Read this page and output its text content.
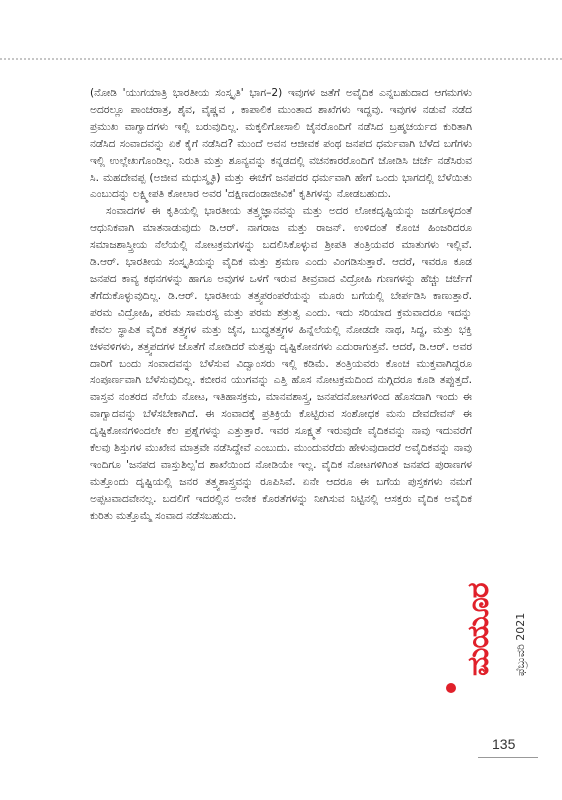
(ನೋಡಿ 'ಯುಗಯಾತ್ರಿ ಭಾರತೀಯ ಸಂಸ್ಕೃತಿ' ಭಾಗ–2) ಇವುಗಳ ಜತೆಗೆ ಅವೈದಿಕ ಎನ್ನಬಹುದಾದ ಆಗಮಗಳು ಅದರಲ್ಲೂ ಪಾಂಚರಾತ್ರ, ಶೈವ, ವೈಷ್ಣವ , ಕಾಪಾಲಿಕ ಮುಂತಾದ ಶಾಖೆಗಳು ಇದ್ದವು. ಇವುಗಳ ನಡುವೆ ನಡೆದ ಪ್ರಮುಖ ವಾಗ್ವಾದಗಳು ಇಲ್ಲಿ ಬರುವುದಿಲ್ಲ. ಮಕ್ಕಲಿಗೋಸಾಲಿ ಜೈನರೊಂದಿಗೆ ನಡೆಸಿದ ಬ್ರಹ್ಮಚರ್ಯದ ಕುರಿತಾಗಿ ನಡೆಸಿದ ಸಂವಾದವನ್ನು ಏಕೆ ಕೈಗೆ ನಡೆಸಿದ? ಮುಂದೆ ಅವನ ಆಜೀವಕ ಪಂಥ ಜನಪದ ಧರ್ಮವಾಗಿ ಬೆಳೆದ ಬಗೆಗಳು ಇಲ್ಲಿ ಉಲ್ಲೇಖಗೊಂಡಿಲ್ಲ. ನಿರುತಿ ಮತ್ತು ಶೂನ್ಯವನ್ನು ಕನ್ನಡದಲ್ಲಿ ವಚನಕಾರರೊಂದಿಗೆ ಜೋಡಿಸಿ ಚರ್ಚೆ ನಡೆಸಿರುವ ಸಿ. ಮಹದೇವಪ್ಪ (ಅಜೀವ ಮಧುಸ್ಮೃತಿ) ಮತ್ತು ಈಚೆಗೆ ಜನಪದರ ಧರ್ಮವಾಗಿ ಹೇಗೆ ಒಂದು ಭಾಗದಲ್ಲಿ ಬೆಳೆಯಿತು ಎಂಬುದನ್ನು ಲಕ್ಷ್ಮೀಪತಿ ಕೋಲಾರ ಅವರ 'ದಕ್ಷಿಣದಂಡಾಜೀವಿಕ' ಕೃತಿಗಳನ್ನು ನೋಡಬಹುದು.

ಸಂವಾದಗಳ ಈ ಕೃತಿಯಲ್ಲಿ ಭಾರತೀಯ ತತ್ತ್ವಜ್ಞಾನವನ್ನು ಮತ್ತು ಅದರ ಲೋಕದೃಷ್ಟಿಯನ್ನು ಜಡಗೊಳ್ಳದಂತೆ ಆಧುನಿಕವಾಗಿ ಮಾತನಾಡುವುದು ಡಿ.ಆರ್. ನಾಗರಾಜ ಮತ್ತು ರಾಜನ್. ಉಳಿದಂತೆ ಕೊಂಚ ಹಿಂಜರಿದರೂ ಸಮಾಜಶಾಸ್ತ್ರೀಯ ನೆಲೆಯಲ್ಲಿ ನೋಟಕ್ರಮಗಳನ್ನು ಬದಲಿಸಿಕೊಳ್ಳುವ ಶ್ರೀಪತಿ ತಂತ್ರಿಯವರ ಮಾತುಗಳು ಇಲ್ಲಿವೆ. ಡಿ.ಆರ್. ಭಾರತೀಯ ಸಂಸ್ಕೃತಿಯನ್ನು ವೈದಿಕ ಮತ್ತು ಶ್ರಮಣ ಎಂದು ವಿಂಗಡಿಸುತ್ತಾರೆ. ಆದರೆ, ಇವರೂ ಕೂಡ ಜನಪದ ಕಾವ್ಯ ಕಥನಗಳನ್ನು ಹಾಗೂ ಅವುಗಳ ಒಳಗೆ ಇರುವ ತೀವ್ರವಾದ ವಿದ್ರೋಹಿ ಗುಣಗಳನ್ನು ಹೆಚ್ಚು ಚರ್ಚೆಗೆ ತೆಗೆದುಕೊಳ್ಳುವುದಿಲ್ಲ. ಡಿ.ಆರ್. ಭಾರತೀಯ ತತ್ತ್ವಪರಂಪರೆಯನ್ನು ಮೂರು ಬಗೆಯಲ್ಲಿ ಬೇರ್ಪಡಿಸಿ ಕಾಣುತ್ತಾರೆ. ಪರಮ ವಿದ್ರೋಹಿ, ಪರಮ ಸಾಮರಸ್ಯ ಮತ್ತು ಪರಮ ಶತ್ರುತ್ವ ಎಂದು. ಇದು ಸರಿಯಾದ ಕ್ರಮವಾದರೂ ಇದನ್ನು ಕೇವಲ ಸ್ಥಾಪಿತ ವೈದಿಕ ತತ್ತ್ವಗಳ ಮತ್ತು ಜೈನ, ಬುದ್ಧತತ್ತ್ವಗಳ ಹಿನ್ನೆಲೆಯಲ್ಲಿ ನೋಡದೇ ನಾಥ, ಸಿದ್ಧ, ಮತ್ತು ಭಕ್ತಿ ಚಳವಳಿಗಳು, ತತ್ತ್ವಪದಗಳ ಜೊತೆಗೆ ನೋಡಿದರೆ ಮತ್ತಷ್ಟು ದೃಷ್ಟಿಕೋನಗಳು ಎದುರಾಗುತ್ತವೆ. ಆದರೆ, ಡಿ.ಆರ್. ಅವರ ದಾರಿಗೆ ಬಂದು ಸಂವಾದವನ್ನು ಬೆಳೆಸುವ ವಿದ್ವಾಂಸರು ಇಲ್ಲಿ ಕಡಿಮೆ. ತಂತ್ರಿಯವರು ಕೊಂಚ ಮುಕ್ತವಾಗಿದ್ದರೂ ಸಂಪೂರ್ಣವಾಗಿ ಬೆಳೆಸುವುದಿಲ್ಲ. ಕಬೀರನ ಯುಗವನ್ನು ಎತ್ತಿ ಹೊಸ ನೋಟಕ್ರಮದಿಂದ ನುಗ್ಗಿದರೂ ಕೂಡಿ ತಪ್ಪುತ್ತದೆ. ವಾಸ್ತವ ನಂತರದ ನೆಲೆಯ ನೋಟ, ಇತಿಹಾಸಕ್ರಮ, ಮಾನವಶಾಸ್ತ್ರ, ಜನಪದನೋಟಗಳಿಂದ ಹೊಸದಾಗಿ ಇಂದು ಈ ವಾಗ್ವಾದವನ್ನು ಬೆಳೆಸಬೇಕಾಗಿದೆ. ಈ ಸಂವಾದಕ್ಕೆ ಪ್ರತಿಕ್ರಿಯೆ ಕೊಟ್ಟಿರುವ ಸಂಶೋಧಕ ಮನು ದೇವದೇವನ್ ಈ ದೃಷ್ಟಿಕೋನಗಳಿಂದಲೇ ಕೆಲ ಪ್ರಶ್ನೆಗಳನ್ನು ಎತ್ತುತ್ತಾರೆ. ಇವರ ಸೂಕ್ಷ್ಮತೆ ಇರುವುದೇ ವೈದಿಕವನ್ನು ನಾವು ಇದುವರೆಗೆ ಕೆಲವು ಶಿಸ್ತುಗಳ ಮುಖೇನ ಮಾತ್ರವೇ ನಡೆಸಿದ್ದೇವೆ ಎಂಬುದು. ಮುಂದುವರೆದು ಹೇಳುವುದಾದರೆ ಅವೈದಿಕವನ್ನು ನಾವು ಇಂದಿಗೂ 'ಜನಪದ ವಾಸ್ತುಶಿಲ್ಪ'ದ ಶಾಖೆಯಿಂದ ನೋಡಿಯೇ ಇಲ್ಲ. ವೈದಿಕ ನೋಟಗಳಿಗಿಂತ ಜನಪದ ಪುರಾಣಗಳ ಮತ್ತೊಂದು ದೃಷ್ಟಿಯಲ್ಲಿ ಜನರ ತತ್ತ್ವಶಾಸ್ತ್ರವನ್ನು ರೂಪಿಸಿವೆ. ಏನೇ ಆದರೂ ಈ ಬಗೆಯ ಪುಸ್ತಕಗಳು ನಮಗೆ ಅಪ್ಪಟವಾದವೇನಲ್ಲ. ಬದಲಿಗೆ ಇದರಲ್ಲಿನ ಅನೇಕ ಕೊರತೆಗಳನ್ನು ನೀಗಿಸುವ ನಿಟ್ಟಿನಲ್ಲಿ ಆಸಕ್ತರು ವೈದಿಕ ಅವೈದಿಕ ಕುರಿತು ಮತ್ತೊಮ್ಮೆ ಸಂವಾದ ನಡೆಸಬಹುದು.

ಮಯೂರ ಫೆಬ್ರುವರಿ 2021
135
